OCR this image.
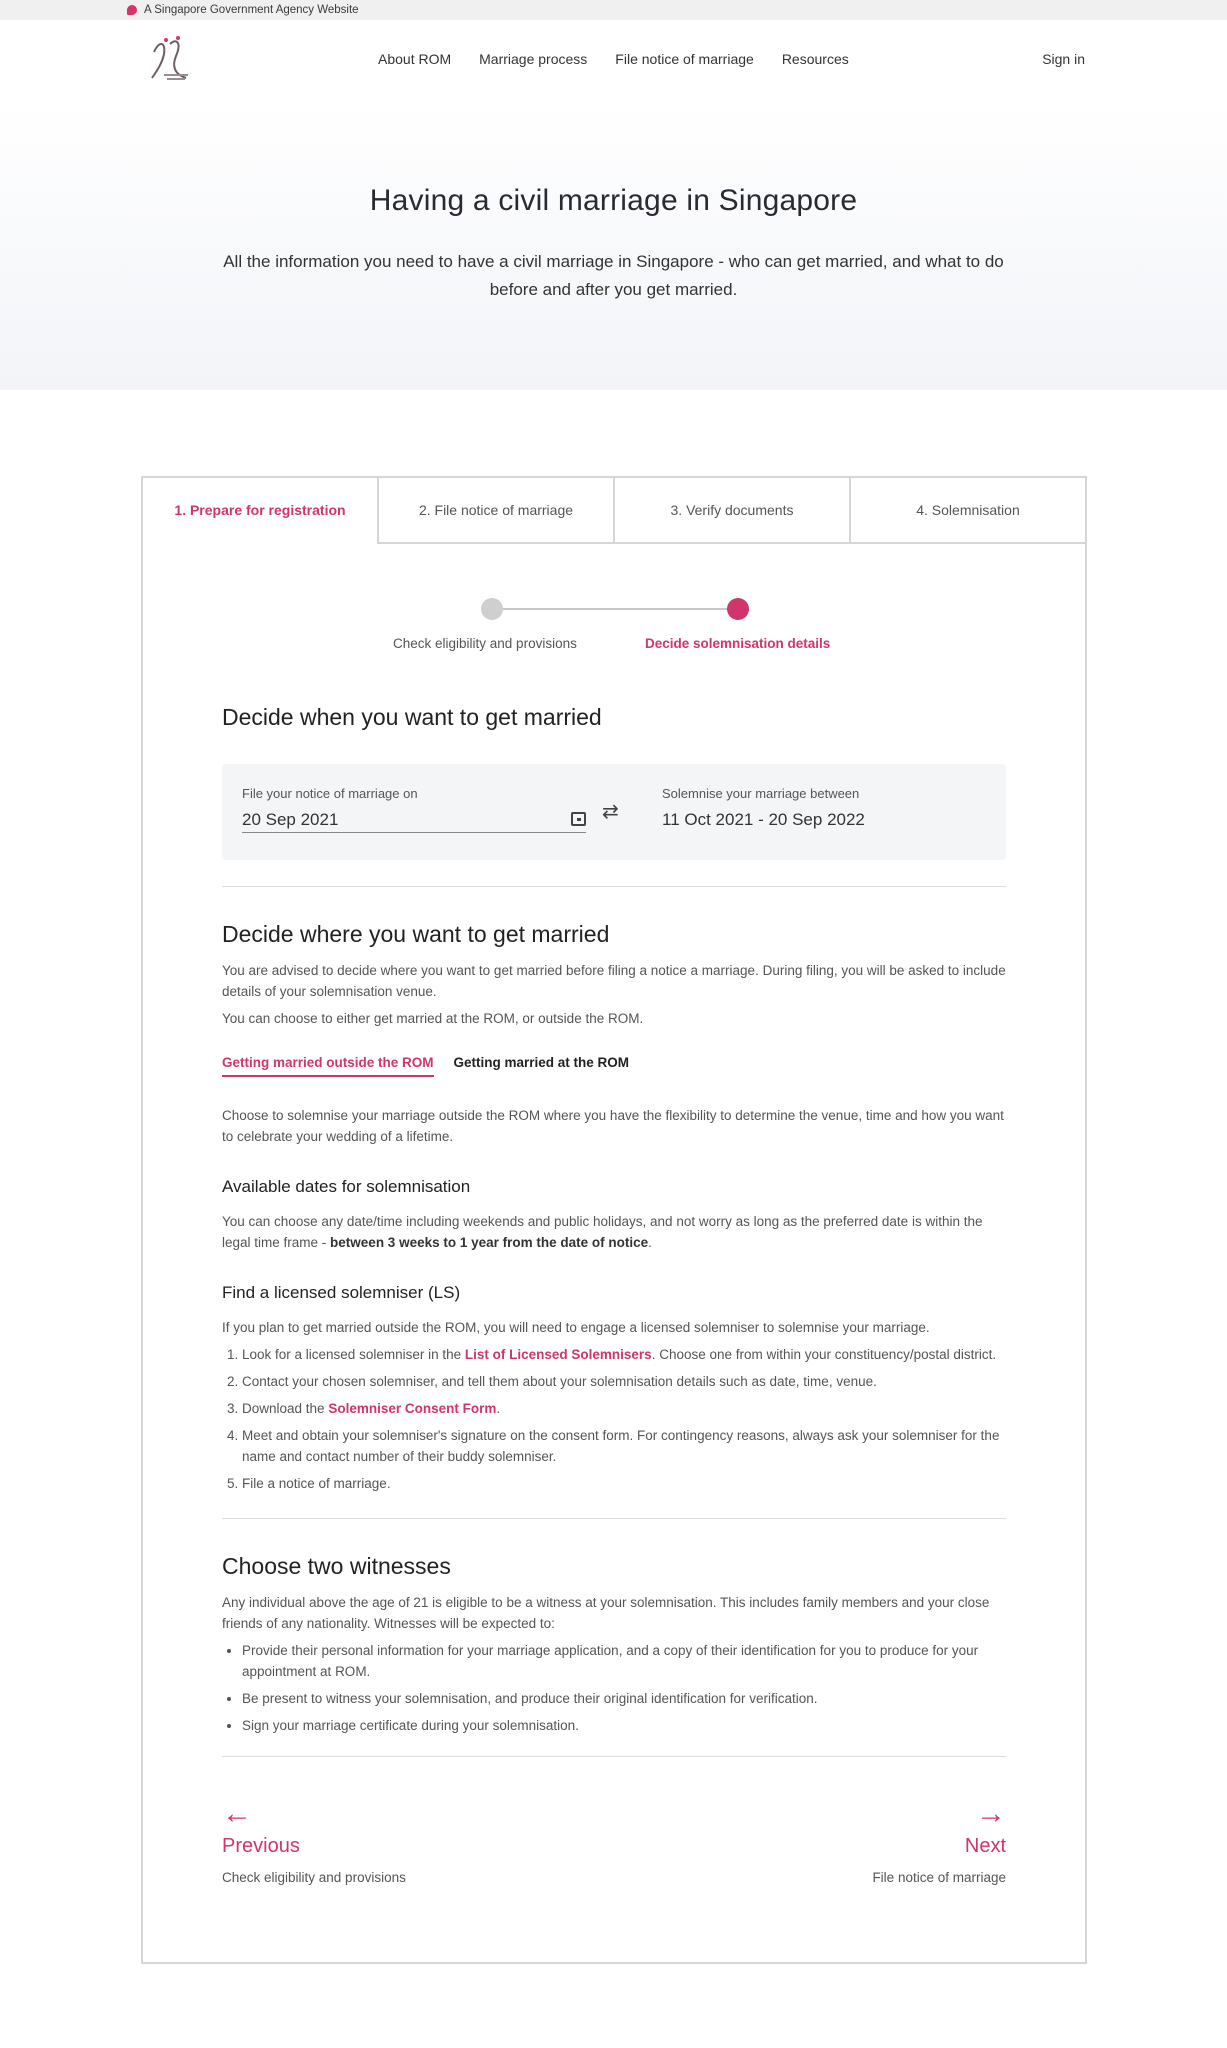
A Singapore Government Agency Website
About ROM Marriage process File notice of marriage Resources	Sign in
Having a civil marriage in Singapore

All the information you need to have a civil marriage in Singapore - who can get married, and what to do before and after you get married.

1. Prepare for registration	2. File notice of marriage	3. Verify documents	4. Solemnisation
Check eligibility and provisions	Decide solemnisation details
Decide when you want to get married
File your notice of marriage on
20 Sep 2021	⇄
Solemnise your marriage between
11 Oct 2021 - 20 Sep 2022
Decide where you want to get married

You are advised to decide where you want to get married before filing a notice a marriage. During filing, you will be asked to include details of your solemnisation venue.

You can choose to either get married at the ROM, or outside the ROM.

Getting married outside the ROM Getting married at the ROM

Choose to solemnise your marriage outside the ROM where you have the flexibility to determine the venue, time and how you want to celebrate your wedding of a lifetime.

Available dates for solemnisation

You can choose any date/time including weekends and public holidays, and not worry as long as the preferred date is within the legal time frame - between 3 weeks to 1 year from the date of notice.

Find a licensed solemniser (LS)

If you plan to get married outside the ROM, you will need to engage a licensed solemniser to solemnise your marriage.

1. Look for a licensed solemniser in the List of Licensed Solemnisers. Choose one from within your constituency/postal district.
2. Contact your chosen solemniser, and tell them about your solemnisation details such as date, time, venue.
3. Download the Solemniser Consent Form.
4. Meet and obtain your solemniser's signature on the consent form. For contingency reasons, always ask your solemniser for the name and contact number of their buddy solemniser.
5. File a notice of marriage.
Choose two witnesses

Any individual above the age of 21 is eligible to be a witness at your solemnisation. This includes family members and your close friends of any nationality. Witnesses will be expected to:

• Provide their personal information for your marriage application, and a copy of their identification for you to produce for your appointment at ROM.
• Be present to witness your solemnisation, and produce their original identification for verification.
• Sign your marriage certificate during your solemnisation.
←
Previous
Check eligibility and provisions
→
Next
File notice of marriage
